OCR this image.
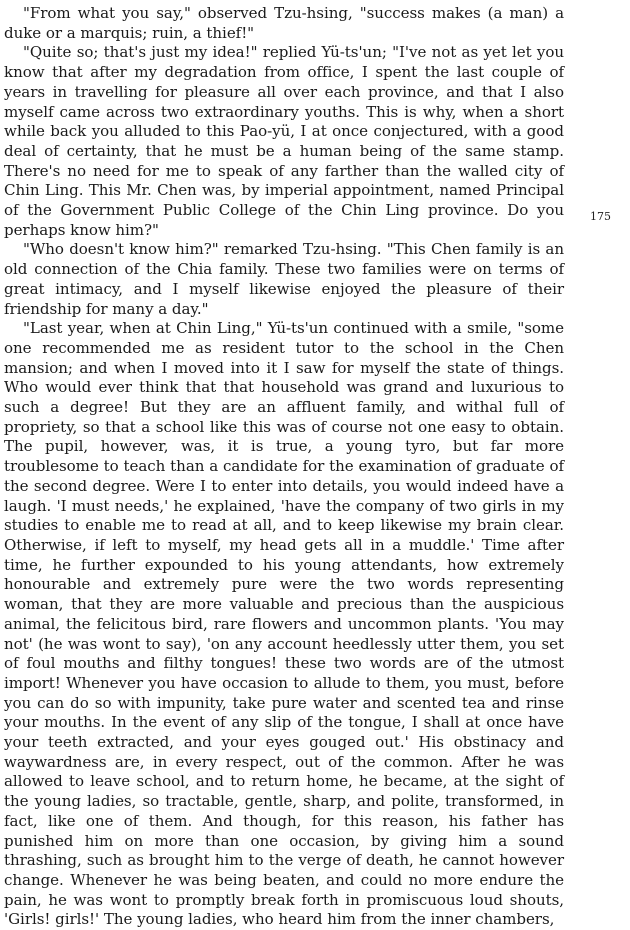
"From what you say," observed Tzu-hsing, "success makes (a man) a duke or a marquis; ruin, a thief!"

"Quite so; that's just my idea!" replied Yü-ts'un; "I've not as yet let you know that after my degradation from office, I spent the last couple of years in travelling for pleasure all over each province, and that I also myself came across two extraordinary youths. This is why, when a short while back you alluded to this Pao-yü, I at once conjectured, with a good deal of certainty, that he must be a human being of the same stamp. There's no need for me to speak of any farther than the walled city of Chin Ling. This Mr. Chen was, by imperial appointment, named Principal of the Government Public College of the Chin Ling province. Do you perhaps know him?"

"Who doesn't know him?" remarked Tzu-hsing. "This Chen family is an old connection of the Chia family. These two families were on terms of great intimacy, and I myself likewise enjoyed the pleasure of their friendship for many a day."

"Last year, when at Chin Ling," Yü-ts'un continued with a smile, "some one recommended me as resident tutor to the school in the Chen mansion; and when I moved into it I saw for myself the state of things. Who would ever think that that household was grand and luxurious to such a degree! But they are an affluent family, and withal full of propriety, so that a school like this was of course not one easy to obtain. The pupil, however, was, it is true, a young tyro, but far more troublesome to teach than a candidate for the examination of graduate of the second degree. Were I to enter into details, you would indeed have a laugh. 'I must needs,' he explained, 'have the company of two girls in my studies to enable me to read at all, and to keep likewise my brain clear. Otherwise, if left to myself, my head gets all in a muddle.' Time after time, he further expounded to his young attendants, how extremely honourable and extremely pure were the two words representing woman, that they are more valuable and precious than the auspicious animal, the felicitous bird, rare flowers and uncommon plants. 'You may not' (he was wont to say), 'on any account heedlessly utter them, you set of foul mouths and filthy tongues! these two words are of the utmost import! Whenever you have occasion to allude to them, you must, before you can do so with impunity, take pure water and scented tea and rinse your mouths. In the event of any slip of the tongue, I shall at once have your teeth extracted, and your eyes gouged out.' His obstinacy and waywardness are, in every respect, out of the common. After he was allowed to leave school, and to return home, he became, at the sight of the young ladies, so tractable, gentle, sharp, and polite, transformed, in fact, like one of them. And though, for this reason, his father has punished him on more than one occasion, by giving him a sound thrashing, such as brought him to the verge of death, he cannot however change. Whenever he was being beaten, and could no more endure the pain, he was wont to promptly break forth in promiscuous loud shouts, 'Girls! girls!' The young ladies, who heard him from the inner chambers,

175
